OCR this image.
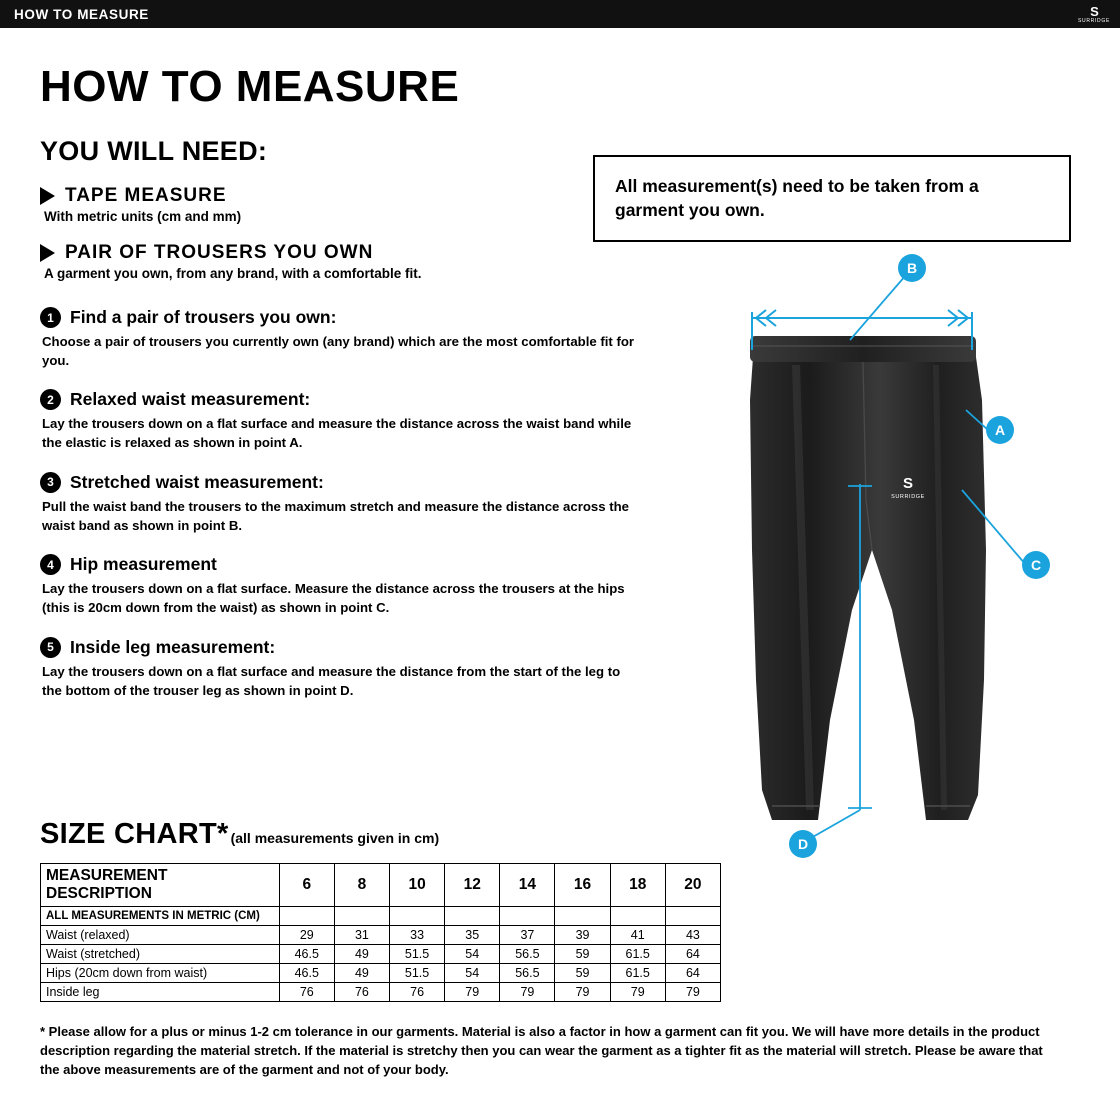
HOW TO MEASURE	S
SURRIDGE
HOW TO MEASURE
YOU WILL NEED:
TAPE MEASURE
With metric units (cm and mm)
PAIR OF TROUSERS YOU OWN
A garment you own, from any brand, with a comfortable fit.
1 Find a pair of trousers you own:
Choose a pair of trousers you currently own (any brand) which are the most comfortable fit for you.
2 Relaxed waist measurement:
Lay the trousers down on a flat surface and measure the distance across the waist band while the elastic is relaxed as shown in point A.
3 Stretched waist measurement:
Pull the waist band the trousers to the maximum stretch and measure the distance across the waist band as shown in point B.
4 Hip measurement
Lay the trousers down on a flat surface. Measure the distance across the trousers at the hips (this is 20cm down from the waist) as shown in point C.
5 Inside leg measurement:
Lay the trousers down on a flat surface and measure the distance from the start of the leg to the bottom of the trouser leg as shown in point D.
All measurement(s) need to be taken from a garment you own.
S
SURRIDGE
B
A
C
D
SIZE CHART* (all measurements given in cm)
MEASUREMENT DESCRIPTION	6	8	10	12	14	16	18	20
ALL MEASUREMENTS IN METRIC (CM)								
Waist (relaxed)	29	31	33	35	37	39	41	43
Waist (stretched)	46.5	49	51.5	54	56.5	59	61.5	64
Hips (20cm down from waist)	46.5	49	51.5	54	56.5	59	61.5	64
Inside leg	76	76	76	79	79	79	79	79
* Please allow for a plus or minus 1-2 cm tolerance in our garments. Material is also a factor in how a garment can fit you. We will have more details in the product description regarding the material stretch. If the material is stretchy then you can wear the garment as a tighter fit as the material will stretch. Please be aware that the above measurements are of the garment and not of your body.
